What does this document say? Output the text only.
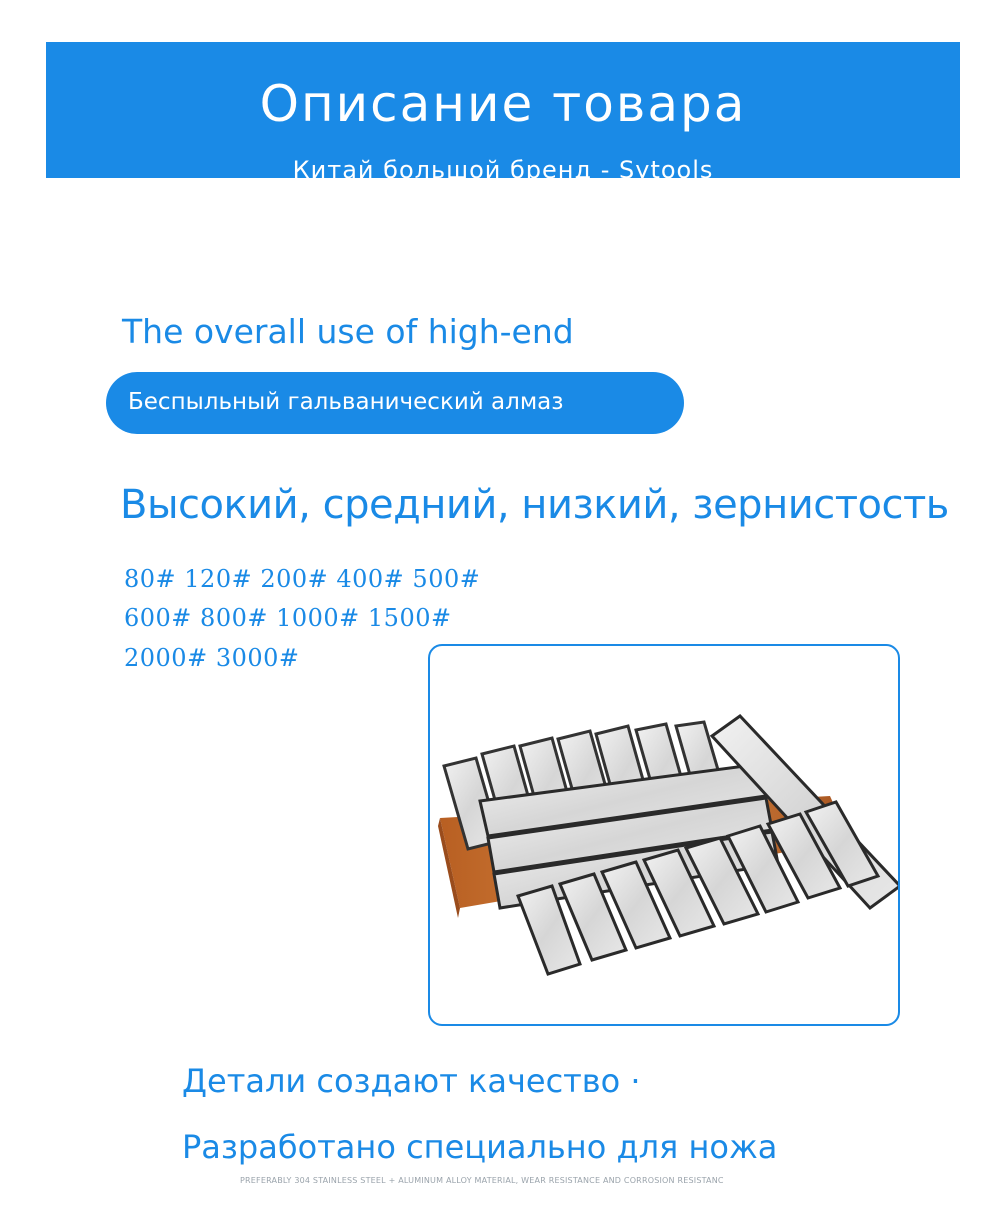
Описание товара
Китай большой бренд - Sytools
The overall use of high-end
Беспыльный гальванический алмаз
Высокий, средний, низкий, зернистость
80# 120# 200# 400# 500#
600# 800# 1000# 1500#
2000# 3000#
Детали создают качество ·
Разработано специально для ножа
PREFERABLY 304 STAINLESS STEEL + ALUMINUM ALLOY MATERIAL, WEAR RESISTANCE AND CORROSION RESISTANC
